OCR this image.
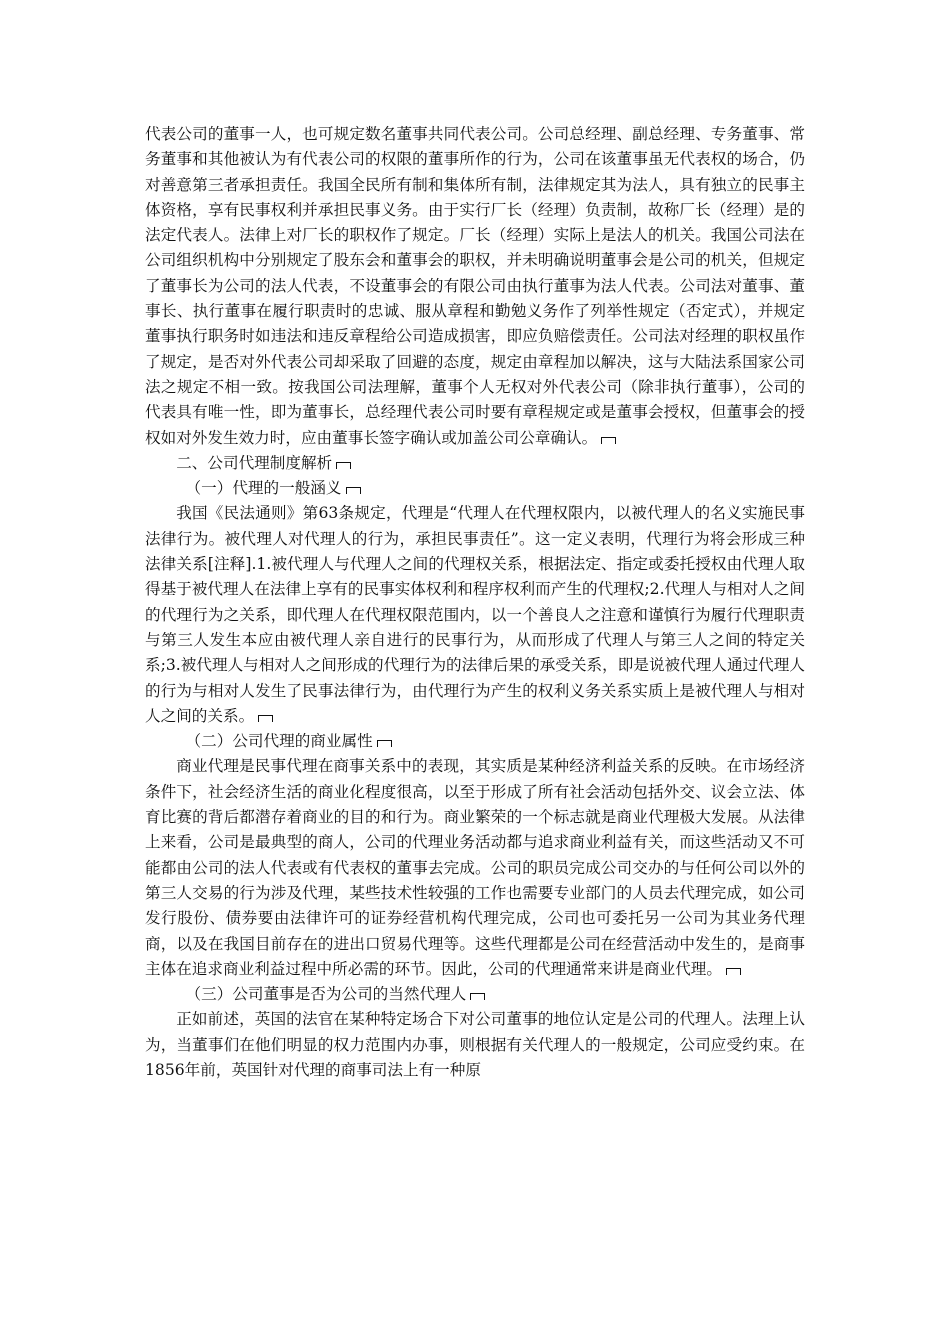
代表公司的董事一人，也可规定数名董事共同代表公司。公司总经理、副总经理、专务董事、常务董事和其他被认为有代表公司的权限的董事所作的行为，公司在该董事虽无代表权的场合，仍对善意第三者承担责任。我国全民所有制和集体所有制，法律规定其为法人，具有独立的民事主体资格，享有民事权利并承担民事义务。由于实行厂长（经理）负责制，故称厂长（经理）是的法定代表人。法律上对厂长的职权作了规定。厂长（经理）实际上是法人的机关。我国公司法在公司组织机构中分别规定了股东会和董事会的职权，并未明确说明董事会是公司的机关，但规定了董事长为公司的法人代表，不设董事会的有限公司由执行董事为法人代表。公司法对董事、董事长、执行董事在履行职责时的忠诚、服从章程和勤勉义务作了列举性规定（否定式），并规定董事执行职务时如违法和违反章程给公司造成损害，即应负赔偿责任。公司法对经理的职权虽作了规定，是否对外代表公司却采取了回避的态度，规定由章程加以解决，这与大陆法系国家公司法之规定不相一致。按我国公司法理解，董事个人无权对外代表公司（除非执行董事），公司的代表具有唯一性，即为董事长，总经理代表公司时要有章程规定或是董事会授权，但董事会的授权如对外发生效力时，应由董事长签字确认或加盖公司公章确认。

二、公司代理制度解析

（一）代理的一般涵义

我国《民法通则》第63条规定，代理是“代理人在代理权限内，以被代理人的名义实施民事法律行为。被代理人对代理人的行为，承担民事责任”。这一定义表明，代理行为将会形成三种法律关系[注释].1.被代理人与代理人之间的代理权关系，根据法定、指定或委托授权由代理人取得基于被代理人在法律上享有的民事实体权利和程序权利而产生的代理权;2.代理人与相对人之间的代理行为之关系，即代理人在代理权限范围内，以一个善良人之注意和谨慎行为履行代理职责与第三人发生本应由被代理人亲自进行的民事行为，从而形成了代理人与第三人之间的特定关系;3.被代理人与相对人之间形成的代理行为的法律后果的承受关系，即是说被代理人通过代理人的行为与相对人发生了民事法律行为，由代理行为产生的权利义务关系实质上是被代理人与相对人之间的关系。

（二）公司代理的商业属性

商业代理是民事代理在商事关系中的表现，其实质是某种经济利益关系的反映。在市场经济条件下，社会经济生活的商业化程度很高，以至于形成了所有社会活动包括外交、议会立法、体育比赛的背后都潜存着商业的目的和行为。商业繁荣的一个标志就是商业代理极大发展。从法律上来看，公司是最典型的商人，公司的代理业务活动都与追求商业利益有关，而这些活动又不可能都由公司的法人代表或有代表权的董事去完成。公司的职员完成公司交办的与任何公司以外的第三人交易的行为涉及代理，某些技术性较强的工作也需要专业部门的人员去代理完成，如公司发行股份、债券要由法律许可的证券经营机构代理完成，公司也可委托另一公司为其业务代理商，以及在我国目前存在的进出口贸易代理等。这些代理都是公司在经营活动中发生的，是商事主体在追求商业利益过程中所必需的环节。因此，公司的代理通常来讲是商业代理。

（三）公司董事是否为公司的当然代理人

正如前述，英国的法官在某种特定场合下对公司董事的地位认定是公司的代理人。法理上认为，当董事们在他们明显的权力范围内办事，则根据有关代理人的一般规定，公司应受约束。在1856年前，英国针对代理的商事司法上有一种原
